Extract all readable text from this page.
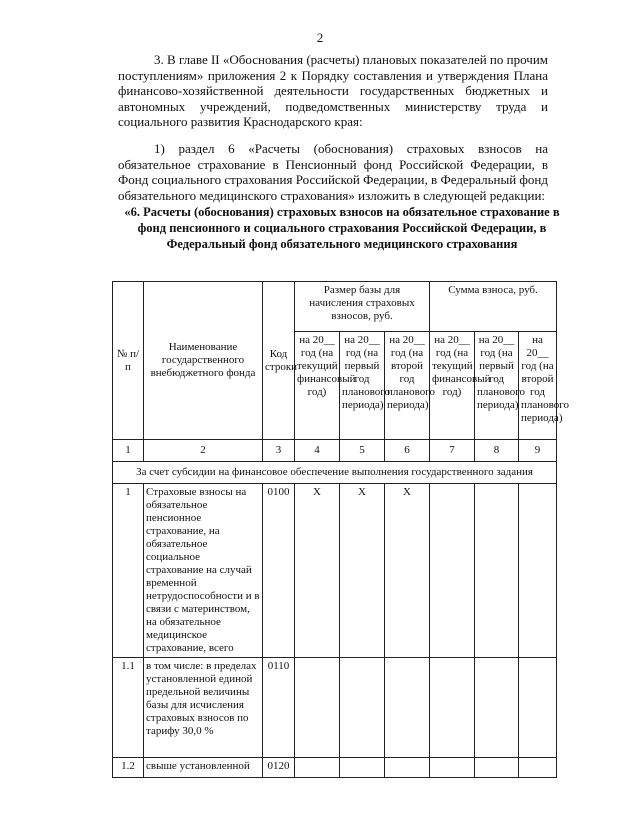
2
3. В главе II «Обоснования (расчеты) плановых показателей по прочим поступлениям» приложения 2 к Порядку составления и утверждения Плана финансово-хозяйственной деятельности государственных бюджетных и автономных учреждений, подведомственных министерству труда и социального развития Краснодарского края:
1) раздел 6 «Расчеты (обоснования) страховых взносов на обязательное страхование в Пенсионный фонд Российской Федерации, в Фонд социального страхования Российской Федерации, в Федеральный фонд обязательного медицинского страхования» изложить в следующей редакции:
«6. Расчеты (обоснования) страховых взносов на обязательное страхование в фонд пенсионного и социального страхования Российской Федерации, в Федеральный фонд обязательного медицинского страхования
№ п/п	Наименование государственного внебюджетного фонда	Код строки	Размер базы для начисления страховых взносов, руб.			Сумма взноса, руб.		
			на 20__ год (на текущий финансовый год)	на 20__ год (на первый год планового периода)	на 20__ год (на второй год планового периода)	на 20__ год (на текущий финансовый год)	на 20__ год (на первый год планового периода)	на 20__ год (на второй год планового периода)
1	2	3	4	5	6	7	8	9
За счет субсидии на финансовое обеспечение выполнения государственного задания								
1	Страховые взносы на обязательное пенсионное страхование, на обязательное социальное страхование на случай временной нетрудоспособности и в связи с материнством, на обязательное медицинское страхование, всего	0100	X	X	X			
1.1	в том числе: в пределах установленной единой предельной величины базы для исчисления страховых взносов по тарифу 30,0 %	0110						
1.2	свыше установленной	0120						
